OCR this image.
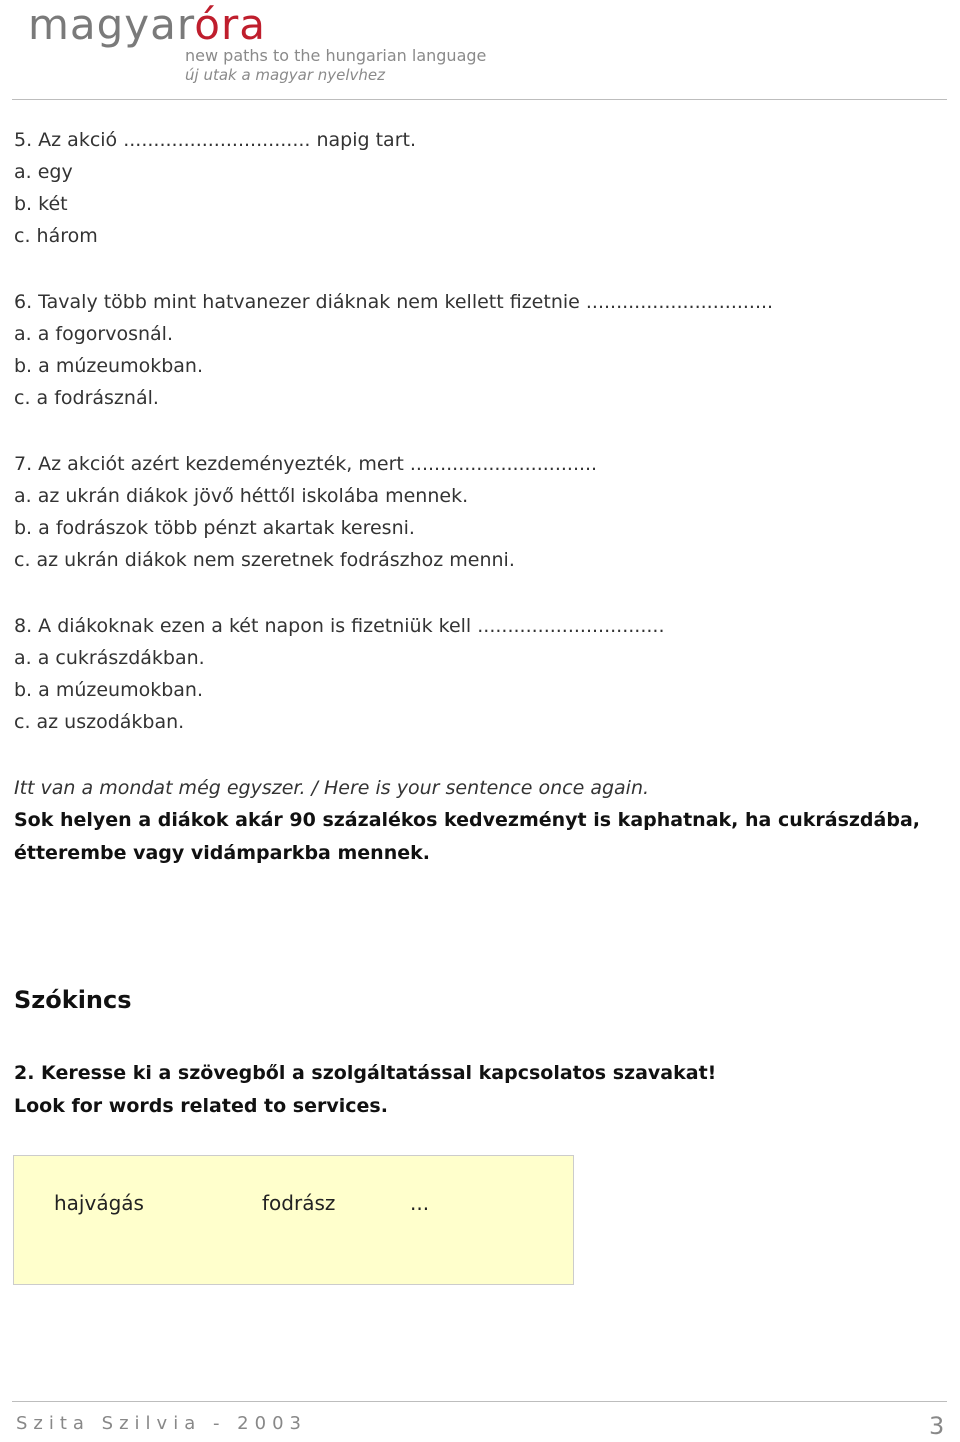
magyaróra
new paths to the hungarian language
új utak a magyar nyelvhez
5. Az akció ............................... napig tart.
a. egy
b. két
c. három
6. Tavaly több mint hatvanezer diáknak nem kellett fizetnie ...............................
a. a fogorvosnál.
b. a múzeumokban.
c. a fodrásznál.
7. Az akciót azért kezdeményezték, mert ...............................
a. az ukrán diákok jövő héttől iskolába mennek.
b. a fodrászok több pénzt akartak keresni.
c. az ukrán diákok nem szeretnek fodrászhoz menni.
8. A diákoknak ezen a két napon is fizetniük kell ...............................
a. a cukrászdákban.
b. a múzeumokban.
c. az uszodákban.
Itt van a mondat még egyszer. / Here is your sentence once again.
Sok helyen a diákok akár 90 százalékos kedvezményt is kaphatnak, ha cukrászdába, étterembe vagy vidámparkba mennek.
Szókincs
2. Keresse ki a szövegből a szolgáltatással kapcsolatos szavakat!
Look for words related to services.
hajvágás	fodrász	...
Szita Szilvia - 2003	3
